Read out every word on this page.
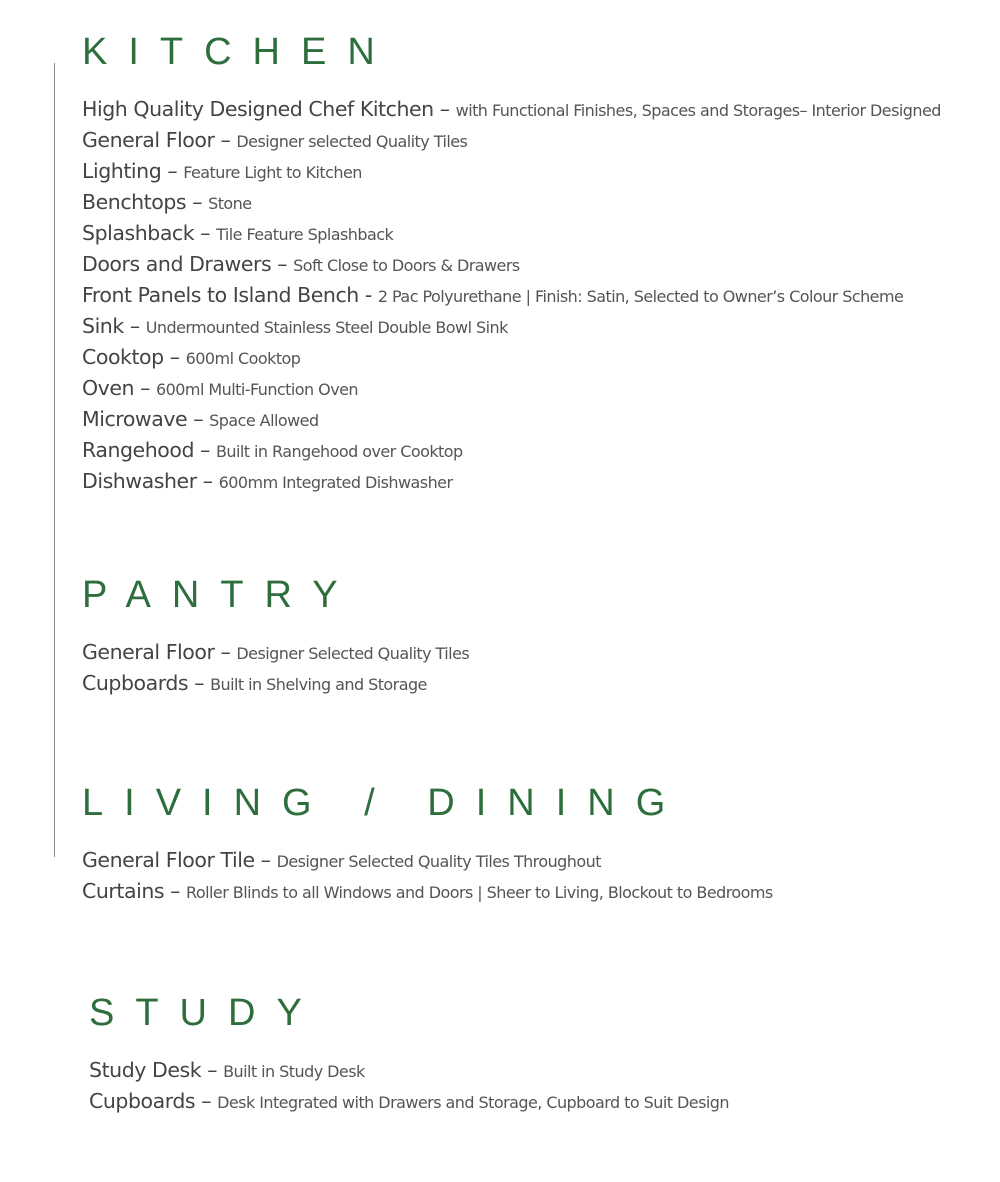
KITCHEN
High Quality Designed Chef Kitchen – with Functional Finishes, Spaces and Storages– Interior Designed
General Floor – Designer selected Quality Tiles
Lighting – Feature Light to Kitchen
Benchtops – Stone
Splashback – Tile Feature Splashback
Doors and Drawers – Soft Close to Doors & Drawers
Front Panels to Island Bench - 2 Pac Polyurethane | Finish: Satin, Selected to Owner’s Colour Scheme
Sink – Undermounted Stainless Steel Double Bowl Sink
Cooktop – 600ml Cooktop
Oven – 600ml Multi-Function Oven
Microwave – Space Allowed
Rangehood – Built in Rangehood over Cooktop
Dishwasher – 600mm Integrated Dishwasher
PANTRY
General Floor – Designer Selected Quality Tiles
Cupboards – Built in Shelving and Storage
LIVING / DINING
General Floor Tile – Designer Selected Quality Tiles Throughout
Curtains – Roller Blinds to all Windows and Doors | Sheer to Living, Blockout to Bedrooms
STUDY
Study Desk – Built in Study Desk
Cupboards – Desk Integrated with Drawers and Storage, Cupboard to Suit Design
